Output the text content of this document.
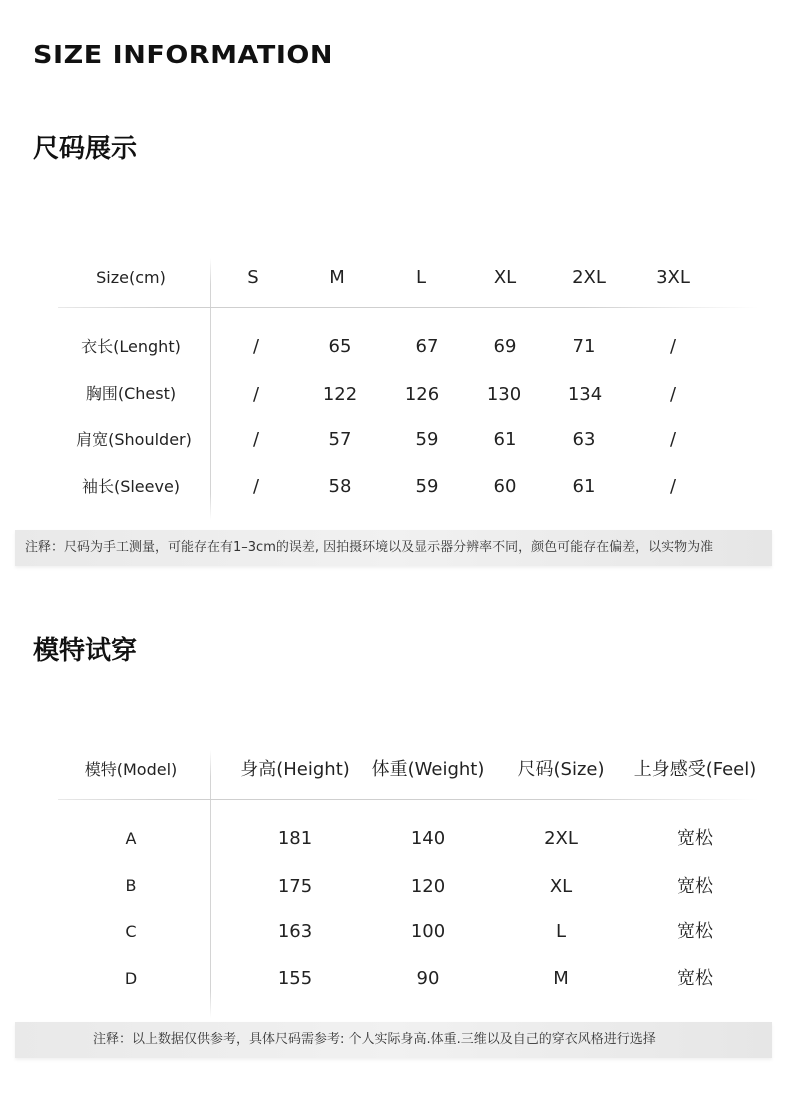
SIZE INFORMATION
尺码展示
Size(cm)	S	M	L	XL	2XL	3XL
衣长(Lenght)	/	65	67	69	71	/
胸围(Chest)	/	122	126	130	134	/
肩宽(Shoulder)	/	57	59	61	63	/
袖长(Sleeve)	/	58	59	60	61	/
注释：尺码为手工测量，可能存在有1–3cm的误差, 因拍摄环境以及显示器分辨率不同，颜色可能存在偏差，以实物为准
模特试穿
模特(Model)	身高(Height) 体重(Weight) 尺码(Size) 上身感受(Feel)
A	181	140	2XL	宽松
B	175	120	XL	宽松
C	163	100	L	宽松
D	155	90	M	宽松
注释：以上数据仅供参考，具体尺码需参考: 个人实际身高.体重.三维以及自己的穿衣风格进行选择
